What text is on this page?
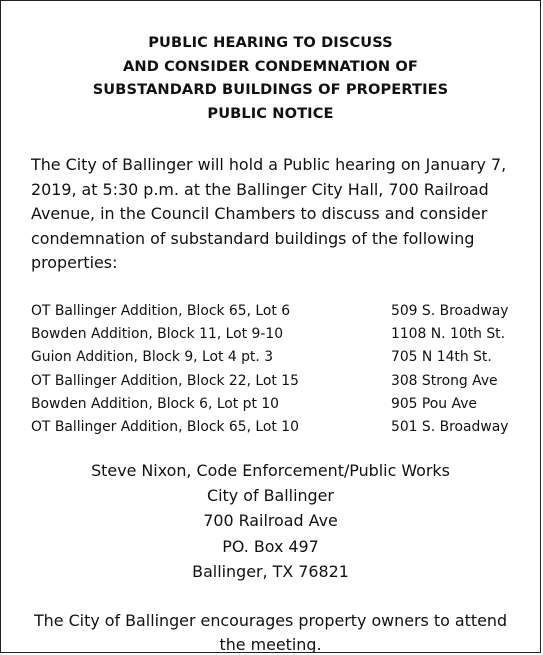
PUBLIC HEARING TO DISCUSS
AND CONSIDER CONDEMNATION OF
SUBSTANDARD BUILDINGS OF PROPERTIES
PUBLIC NOTICE
The City of Ballinger will hold a Public hearing on January 7,
2019, at 5:30 p.m. at the Ballinger City Hall, 700 Railroad
Avenue, in the Council Chambers to discuss and consider
condemnation of substandard buildings of the following
properties:
OT Ballinger Addition, Block 65, Lot 6	509 S. Broadway
Bowden Addition, Block 11, Lot 9-10	1108 N. 10th St.
Guion Addition, Block 9, Lot 4 pt. 3	705 N 14th St.
OT Ballinger Addition, Block 22, Lot 15	308 Strong Ave
Bowden Addition, Block 6, Lot pt 10	905 Pou Ave
OT Ballinger Addition, Block 65, Lot 10	501 S. Broadway
Steve Nixon, Code Enforcement/Public Works
City of Ballinger
700 Railroad Ave
PO. Box 497
Ballinger, TX 76821
The City of Ballinger encourages property owners to attend
the meeting.
